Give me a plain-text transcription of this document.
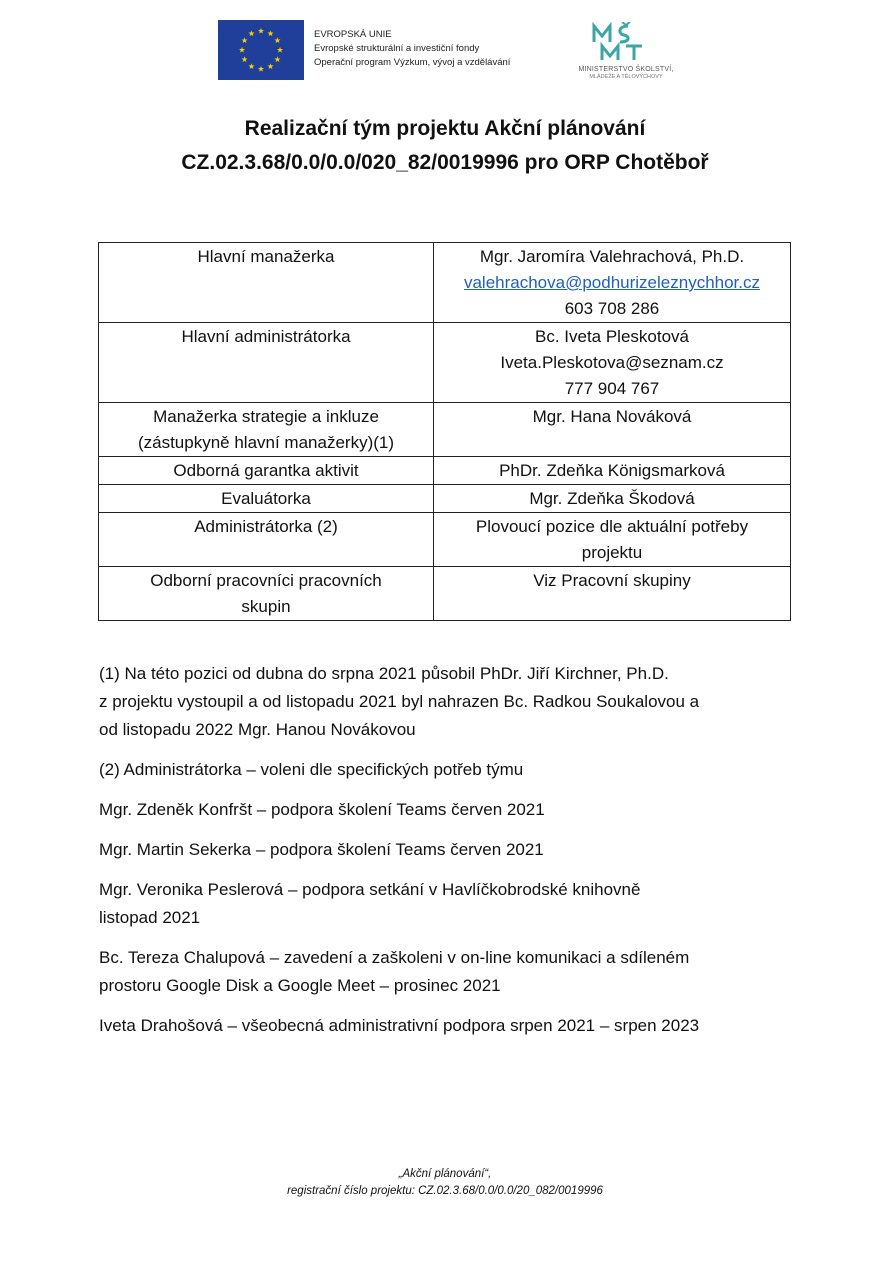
EVROPSKÁ UNIE
Evropské strukturální a investiční fondy
Operační program Výzkum, vývoj a vzdělávání
MINISTERSTVO ŠKOLSTVÍ,
MLÁDEŽE A TĚLOVÝCHOVY
Realizační tým projektu Akční plánování
CZ.02.3.68/0.0/0.0/020_82/0019996 pro ORP Chotěboř
Hlavní manažerka	Mgr. Jaromíra Valehrachová, Ph.D.
valehrachova@podhurizeleznychhor.cz
603 708 286

Hlavní administrátorka	Bc. Iveta Pleskotová
Iveta.Pleskotova@seznam.cz
777 904 767

Manažerka strategie a inkluze
(zástupkyně hlavní manažerky)(1)	Mgr. Hana Nováková

Odborná garantka aktivit	PhDr. Zdeňka Königsmarková

Evaluátorka	Mgr. Zdeňka Škodová

Administrátorka (2)	Plovoucí pozice dle aktuální potřeby
projektu

Odborní pracovníci pracovních
skupin	Viz Pracovní skupiny

(1) Na této pozici od dubna do srpna 2021 působil PhDr. Jiří Kirchner, Ph.D.
z projektu vystoupil a od listopadu 2021 byl nahrazen Bc. Radkou Soukalovou a
od listopadu 2022 Mgr. Hanou Novákovou

(2) Administrátorka – voleni dle specifických potřeb týmu

Mgr. Zdeněk Konfršt – podpora školení Teams červen 2021

Mgr. Martin Sekerka – podpora školení Teams červen 2021

Mgr. Veronika Peslerová – podpora setkání v Havlíčkobrodské knihovně
listopad 2021

Bc. Tereza Chalupová – zavedení a zaškoleni v on-line komunikaci a sdíleném
prostoru Google Disk a Google Meet – prosinec 2021

Iveta Drahošová – všeobecná administrativní podpora srpen 2021 – srpen 2023

„Akční plánování“,
registrační číslo projektu: CZ.02.3.68/0.0/0.0/20_082/0019996
